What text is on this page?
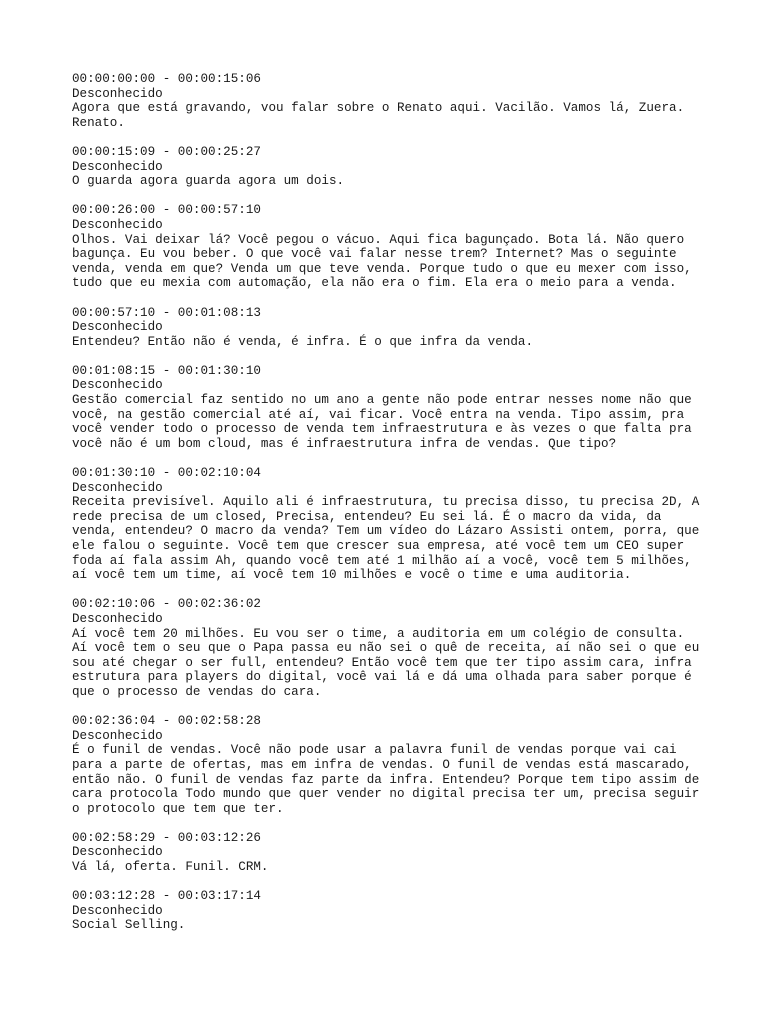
00:00:00:00 - 00:00:15:06
Desconhecido
Agora que está gravando, vou falar sobre o Renato aqui. Vacilão. Vamos lá, Zuera.
Renato.
00:00:15:09 - 00:00:25:27
Desconhecido
O guarda agora guarda agora um dois.
00:00:26:00 - 00:00:57:10
Desconhecido
Olhos. Vai deixar lá? Você pegou o vácuo. Aqui fica bagunçado. Bota lá. Não quero
bagunça. Eu vou beber. O que você vai falar nesse trem? Internet? Mas o seguinte
venda, venda em que? Venda um que teve venda. Porque tudo o que eu mexer com isso,
tudo que eu mexia com automação, ela não era o fim. Ela era o meio para a venda.
00:00:57:10 - 00:01:08:13
Desconhecido
Entendeu? Então não é venda, é infra. É o que infra da venda.
00:01:08:15 - 00:01:30:10
Desconhecido
Gestão comercial faz sentido no um ano a gente não pode entrar nesses nome não que
você, na gestão comercial até aí, vai ficar. Você entra na venda. Tipo assim, pra
você vender todo o processo de venda tem infraestrutura e às vezes o que falta pra
você não é um bom cloud, mas é infraestrutura infra de vendas. Que tipo?
00:01:30:10 - 00:02:10:04
Desconhecido
Receita previsível. Aquilo ali é infraestrutura, tu precisa disso, tu precisa 2D, A
rede precisa de um closed, Precisa, entendeu? Eu sei lá. É o macro da vida, da
venda, entendeu? O macro da venda? Tem um vídeo do Lázaro Assisti ontem, porra, que
ele falou o seguinte. Você tem que crescer sua empresa, até você tem um CEO super
foda aí fala assim Ah, quando você tem até 1 milhão aí a você, você tem 5 milhões,
aí você tem um time, aí você tem 10 milhões e você o time e uma auditoria.
00:02:10:06 - 00:02:36:02
Desconhecido
Aí você tem 20 milhões. Eu vou ser o time, a auditoria em um colégio de consulta.
Aí você tem o seu que o Papa passa eu não sei o quê de receita, aí não sei o que eu
sou até chegar o ser full, entendeu? Então você tem que ter tipo assim cara, infra
estrutura para players do digital, você vai lá e dá uma olhada para saber porque é
que o processo de vendas do cara.
00:02:36:04 - 00:02:58:28
Desconhecido
É o funil de vendas. Você não pode usar a palavra funil de vendas porque vai cai
para a parte de ofertas, mas em infra de vendas. O funil de vendas está mascarado,
então não. O funil de vendas faz parte da infra. Entendeu? Porque tem tipo assim de
cara protocola Todo mundo que quer vender no digital precisa ter um, precisa seguir
o protocolo que tem que ter.
00:02:58:29 - 00:03:12:26
Desconhecido
Vá lá, oferta. Funil. CRM.
00:03:12:28 - 00:03:17:14
Desconhecido
Social Selling.
